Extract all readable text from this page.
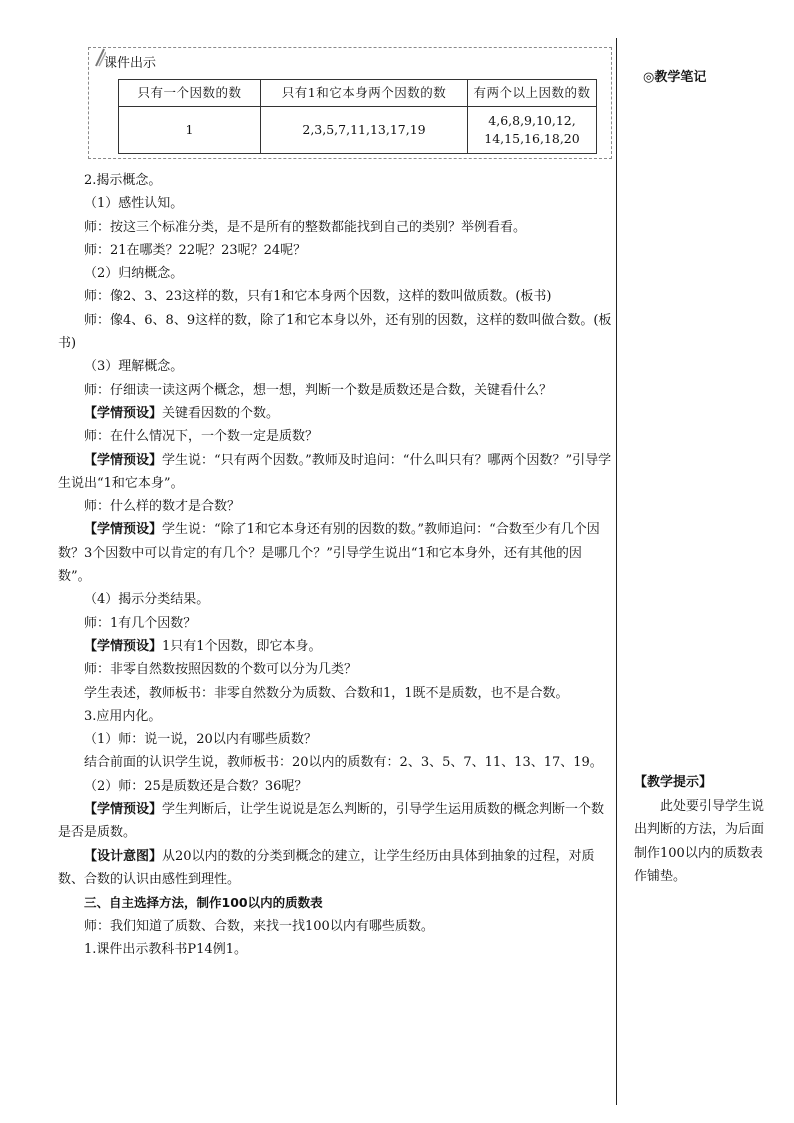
课件出示
只有一个因数的数	只有1和它本身两个因数的数	有两个以上因数的数
1	2,3,5,7,11,13,17,19	4,6,8,9,10,12,
14,15,16,18,20

2.揭示概念。

（1）感性认知。

师：按这三个标准分类，是不是所有的整数都能找到自己的类别？举例看看。

师：21在哪类？22呢？23呢？24呢？

（2）归纳概念。

师：像2、3、23这样的数，只有1和它本身两个因数，这样的数叫做质数。(板书)

师：像4、6、8、9这样的数，除了1和它本身以外，还有别的因数，这样的数叫做合数。(板书)

（3）理解概念。

师：仔细读一读这两个概念，想一想，判断一个数是质数还是合数，关键看什么？

【学情预设】关键看因数的个数。

师：在什么情况下，一个数一定是质数？

【学情预设】学生说：“只有两个因数。”教师及时追问：“什么叫只有？哪两个因数？”引导学生说出“1和它本身”。

师：什么样的数才是合数？

【学情预设】学生说：“除了1和它本身还有别的因数的数。”教师追问：“合数至少有几个因数？3个因数中可以肯定的有几个？是哪几个？”引导学生说出“1和它本身外，还有其他的因数”。

（4）揭示分类结果。

师：1有几个因数？

【学情预设】1只有1个因数，即它本身。

师：非零自然数按照因数的个数可以分为几类？

学生表述，教师板书：非零自然数分为质数、合数和1，1既不是质数，也不是合数。

3.应用内化。

（1）师：说一说，20以内有哪些质数？

结合前面的认识学生说，教师板书：20以内的质数有：2、3、5、7、11、13、17、19。

（2）师：25是质数还是合数？36呢？

【学情预设】学生判断后，让学生说说是怎么判断的，引导学生运用质数的概念判断一个数是否是质数。

【设计意图】从20以内的数的分类到概念的建立，让学生经历由具体到抽象的过程，对质数、合数的认识由感性到理性。

三、自主选择方法，制作100以内的质数表

师：我们知道了质数、合数，来找一找100以内有哪些质数。

1.课件出示教科书P14例1。

◎教学笔记
【教学提示】
此处要引导学生说出判断的方法，为后面制作100以内的质数表作铺垫。
